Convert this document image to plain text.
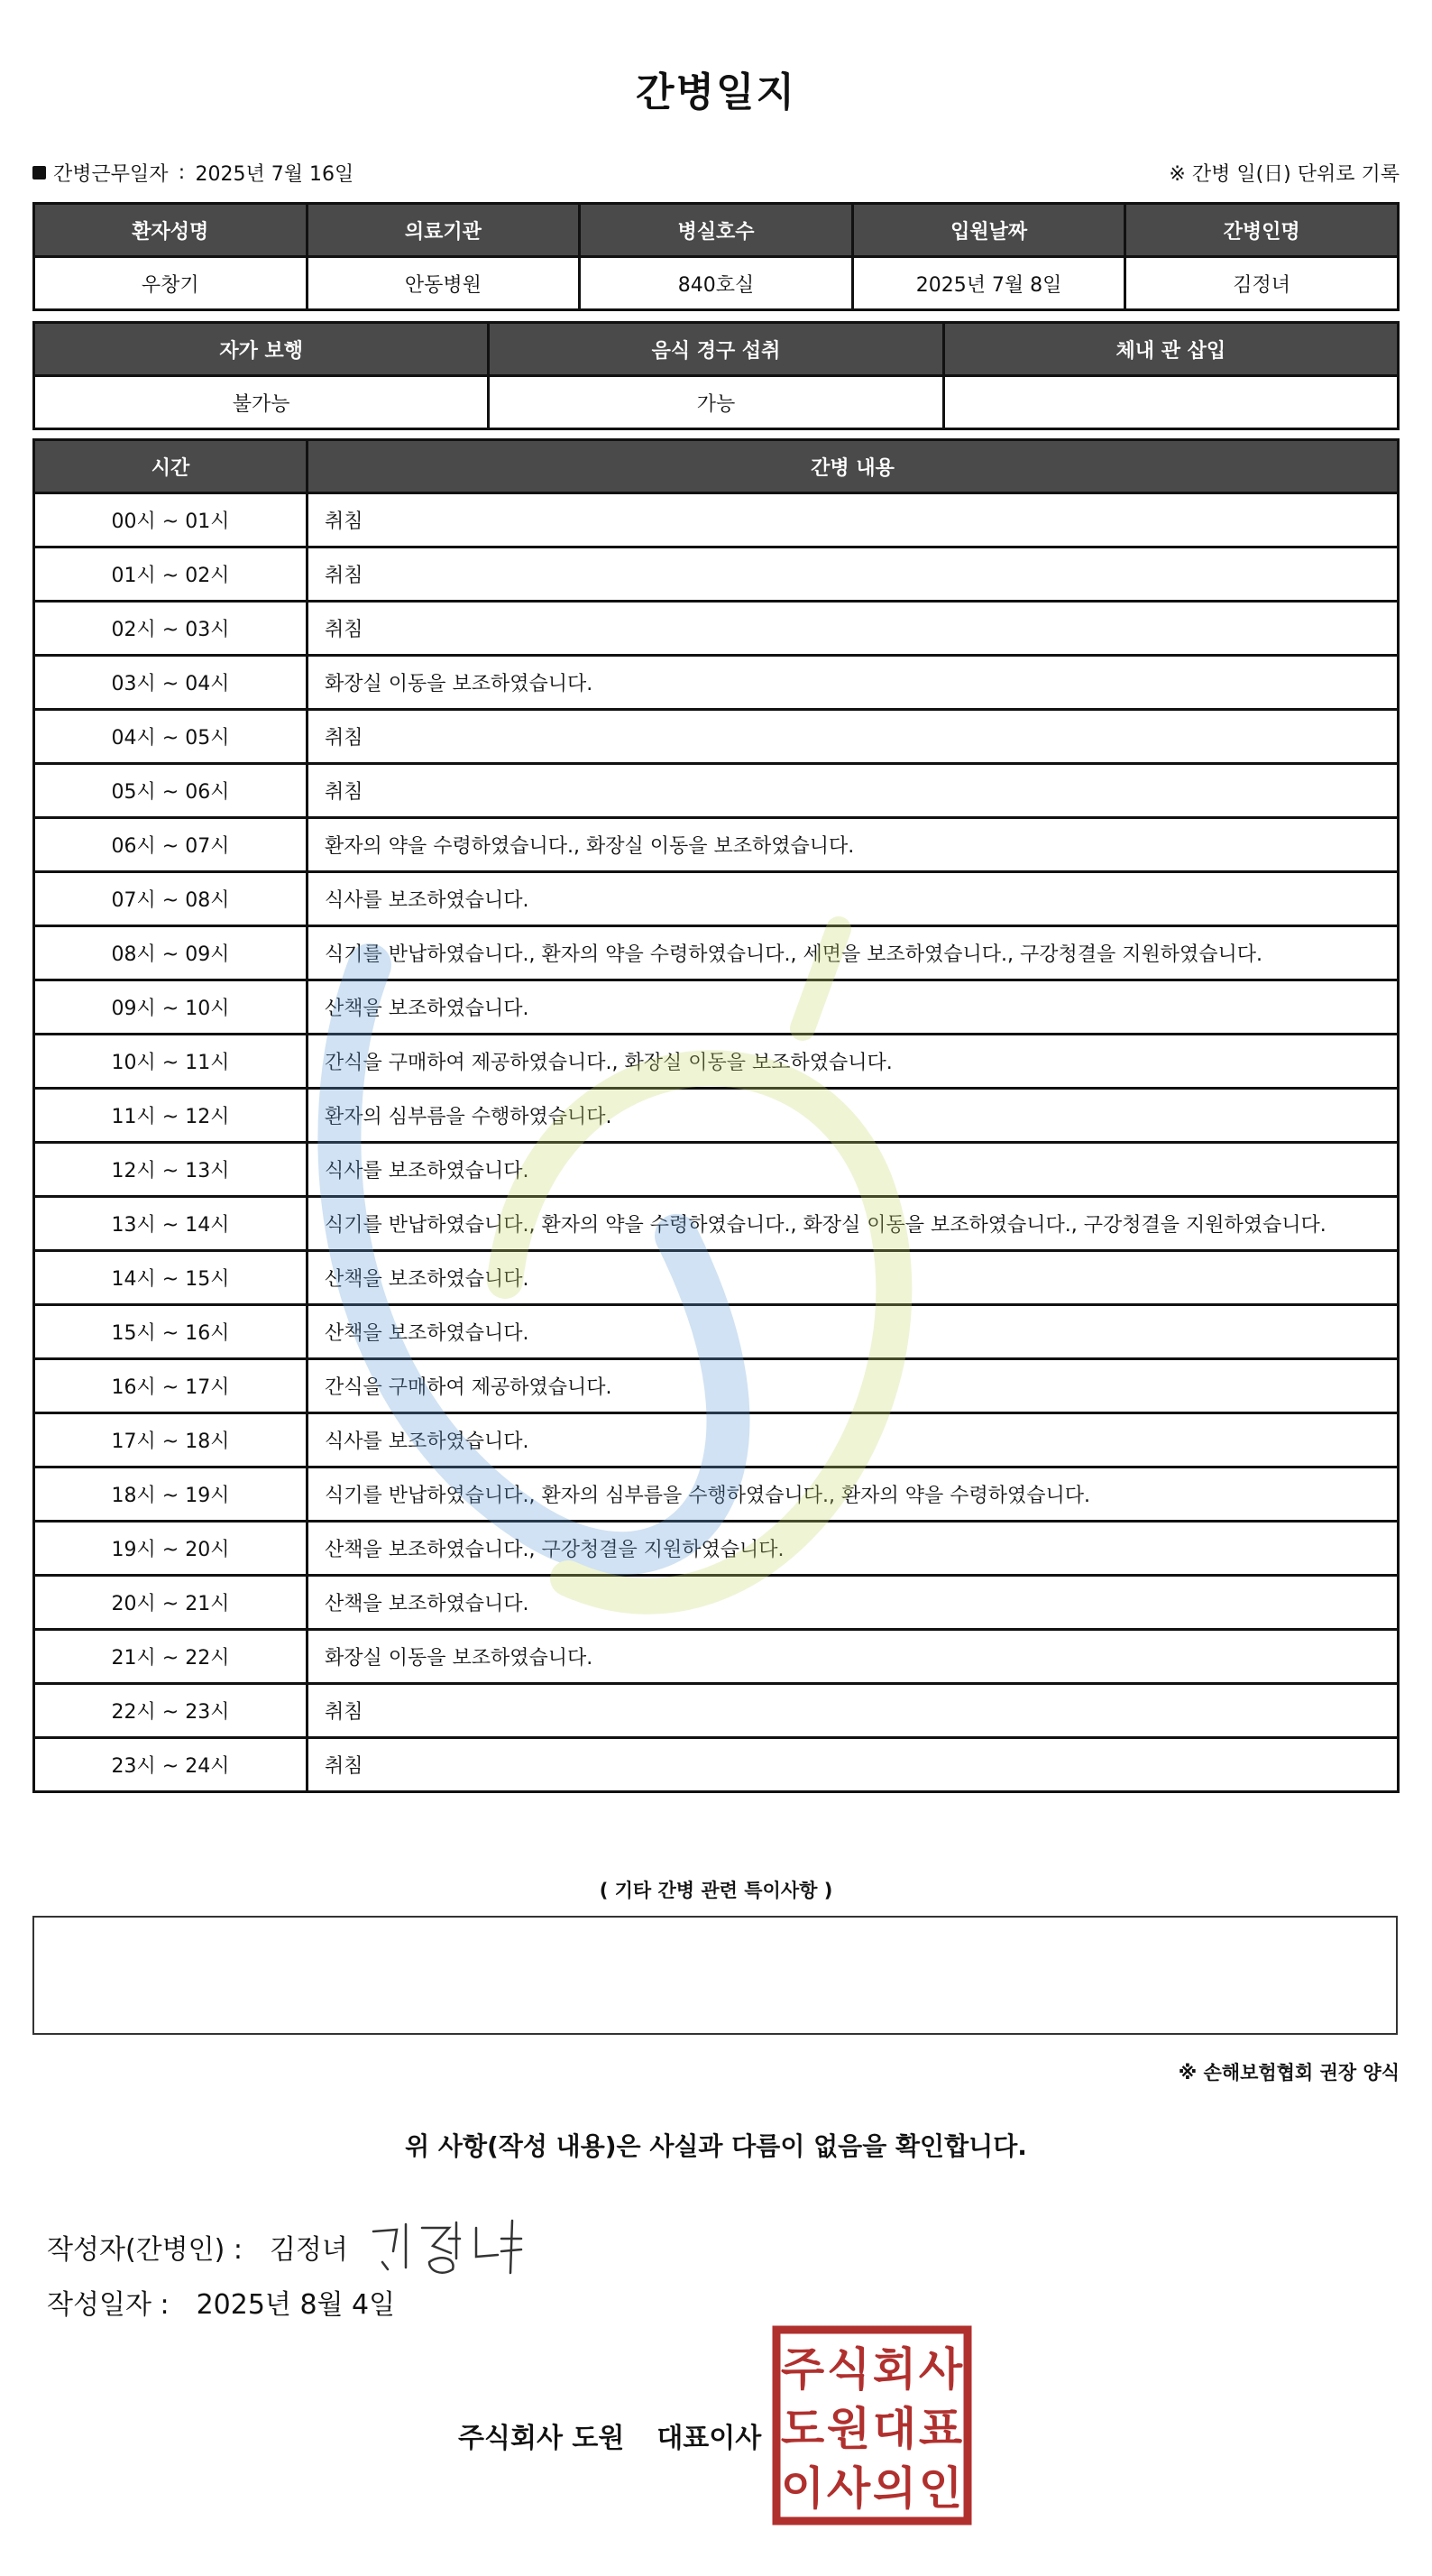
간병일지
간병근무일자 : 2025년 7월 16일	※ 간병 일(日) 단위로 기록
환자성명	의료기관	병실호수	입원날짜	간병인명
우창기	안동병원	840호실	2025년 7월 8일	김정녀
자가 보행	음식 경구 섭취	체내 관 삽입
불가능	가능	
시간	간병 내용
00시 ~ 01시	취침
01시 ~ 02시	취침
02시 ~ 03시	취침
03시 ~ 04시	화장실 이동을 보조하였습니다.
04시 ~ 05시	취침
05시 ~ 06시	취침
06시 ~ 07시	환자의 약을 수령하였습니다., 화장실 이동을 보조하였습니다.
07시 ~ 08시	식사를 보조하였습니다.
08시 ~ 09시	식기를 반납하였습니다., 환자의 약을 수령하였습니다., 세면을 보조하였습니다., 구강청결을 지원하였습니다.
09시 ~ 10시	산책을 보조하였습니다.
10시 ~ 11시	간식을 구매하여 제공하였습니다., 화장실 이동을 보조하였습니다.
11시 ~ 12시	환자의 심부름을 수행하였습니다.
12시 ~ 13시	식사를 보조하였습니다.
13시 ~ 14시	식기를 반납하였습니다., 환자의 약을 수령하였습니다., 화장실 이동을 보조하였습니다., 구강청결을 지원하였습니다.
14시 ~ 15시	산책을 보조하였습니다.
15시 ~ 16시	산책을 보조하였습니다.
16시 ~ 17시	간식을 구매하여 제공하였습니다.
17시 ~ 18시	식사를 보조하였습니다.
18시 ~ 19시	식기를 반납하였습니다., 환자의 심부름을 수행하였습니다., 환자의 약을 수령하였습니다.
19시 ~ 20시	산책을 보조하였습니다., 구강청결을 지원하였습니다.
20시 ~ 21시	산책을 보조하였습니다.
21시 ~ 22시	화장실 이동을 보조하였습니다.
22시 ~ 23시	취침
23시 ~ 24시	취침
( 기타 간병 관련 특이사항 )
※ 손해보험협회 권장 양식
위 사항(작성 내용)은 사실과 다름이 없음을 확인합니다.
작성자(간병인) : 김정녀
작성일자 : 2025년 8월 4일
주식회사 도원 대표이사
주 식 회 사
도 원 대 표
이 사 의 인
